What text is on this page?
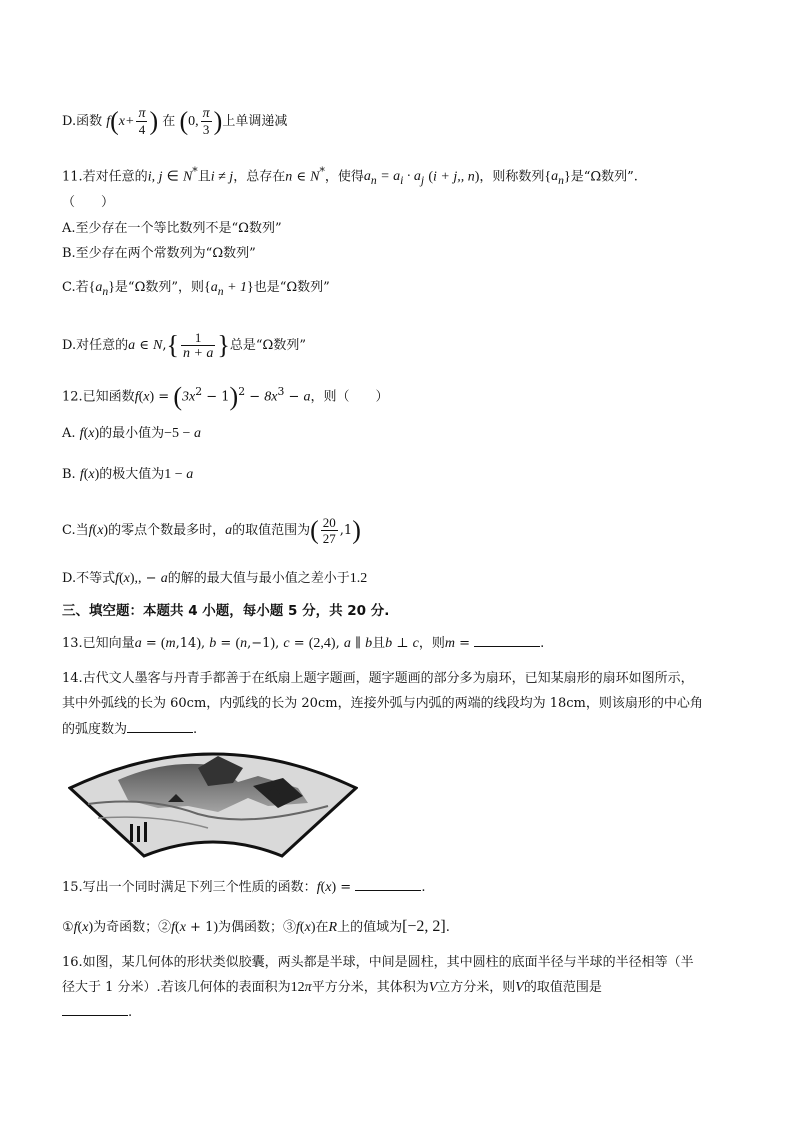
D.函数 $f(x+ \frac{\pi}{4}$ ) 在 (0, $\frac{\pi}{3}$ )上单调递减
11.若对任意的i, j ∈ N*且i ≠ j，总存在n ∈ N*，使得$a_n = a_i \cdot a_j$ (i + j,, n)，则称数列$\{a_n\}$是“Ω数列”.
（　　）
A.至少存在一个等比数列不是“Ω数列”
B.至少存在两个常数列为“Ω数列”
C.若$\{a_n\}$是“Ω数列”，则$\{a_n + 1\}$也是“Ω数列”
D.对任意的a ∈ $N,\{ \frac{1}{n + a}$ }总是“Ω数列”
12.已知函数$f(x) = (3x^2 - 1)^2 - 8x^3 - a$，则（　　）
A. f(x)的最小值为−5 − a
B. f(x)的极大值为1 − a
C.当f(x)的零点个数最多时，a的取值范围为( $\frac{20}{27} ,1$)
D.不等式f(x),, − a的解的最大值与最小值之差小于1.2
三、填空题：本题共 4 小题，每小题 5 分，共 20 分.
13.已知向量a = (m,14), b = (n,−1), c = (2,4), a ∥ b且b ⊥ c，则m =	.
14.古代文人墨客与丹青手都善于在纸扇上题字题画，题字题画的部分多为扇环，已知某扇形的扇环如图所示，
其中外弧线的长为 60cm，内弧线的长为 20cm，连接外弧与内弧的两端的线段均为 18cm，则该扇形的中心角
的弧度数为	.
15.写出一个同时满足下列三个性质的函数：f(x) =	.
①f(x)为奇函数；②f(x + 1)为偶函数；③f(x)在R上的值域为[−2, 2].
16.如图，某几何体的形状类似胶囊，两头都是半球，中间是圆柱，其中圆柱的底面半径与半球的半径相等（半
径大于 1 分米）.若该几何体的表面积为12π平方分米，其体积为V立方分米，则V的取值范围是
.
